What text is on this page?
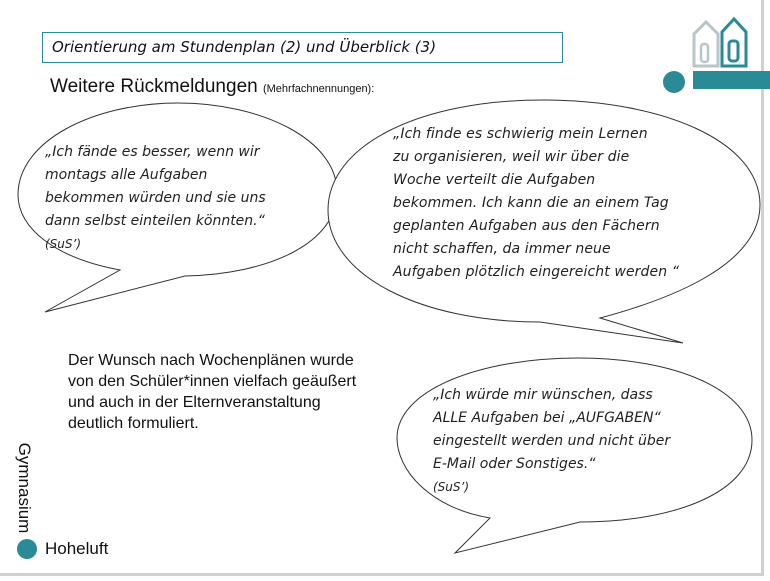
Orientierung am Stundenplan (2) und Überblick (3)
Weitere Rückmeldungen (Mehrfachnennungen):
„Ich fände es besser, wenn wir
montags alle Aufgaben
bekommen würden und sie uns
dann selbst einteilen könnten.“
(SuS’)
„Ich finde es schwierig mein Lernen
zu organisieren, weil wir über die
Woche verteilt die Aufgaben
bekommen. Ich kann die an einem Tag
geplanten Aufgaben aus den Fächern
nicht schaffen, da immer neue
Aufgaben plötzlich eingereicht werden “
„Ich würde mir wünschen, dass
ALLE Aufgaben bei „AUFGABEN“
eingestellt werden und nicht über
E-Mail oder Sonstiges.“
(SuS’)
Der Wunsch nach Wochenplänen wurde von den Schüler*innen vielfach geäußert und auch in der Elternveranstaltung deutlich formuliert.
Gymnasium
Hoheluft
